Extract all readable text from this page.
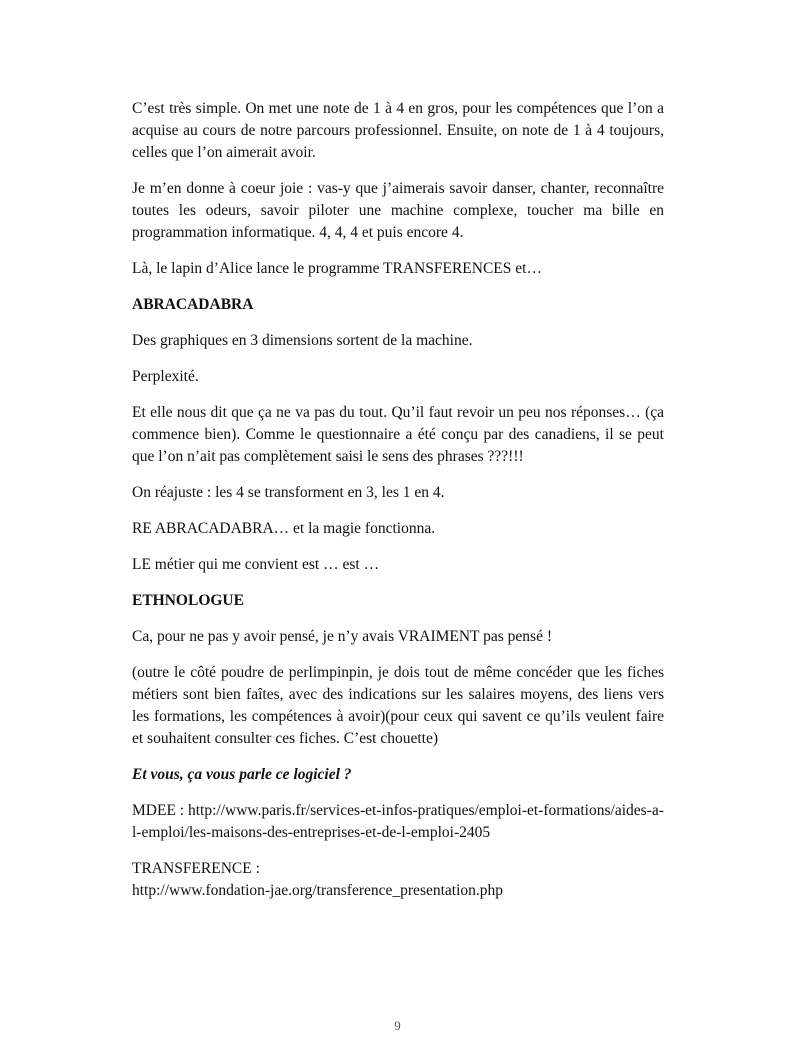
C’est très simple. On met une note de 1 à 4 en gros, pour les compétences que l’on a acquise au cours de notre parcours professionnel. Ensuite, on note de 1 à 4 toujours, celles que l’on aimerait avoir.

Je m’en donne à coeur joie : vas-y que j’aimerais savoir danser, chanter, reconnaître toutes les odeurs, savoir piloter une machine complexe, toucher ma bille en programmation informatique. 4, 4, 4 et puis encore 4.

Là, le lapin d’Alice lance le programme TRANSFERENCES et…

ABRACADABRA

Des graphiques en 3 dimensions sortent de la machine.

Perplexité.

Et elle nous dit que ça ne va pas du tout. Qu’il faut revoir un peu nos réponses… (ça commence bien). Comme le questionnaire a été conçu par des canadiens, il se peut que l’on n’ait pas complètement saisi le sens des phrases ???!!!

On réajuste : les 4 se transforment en 3, les 1 en 4.

RE ABRACADABRA… et la magie fonctionna.

LE métier qui me convient est … est …

ETHNOLOGUE

Ca, pour ne pas y avoir pensé, je n’y avais VRAIMENT pas pensé !

(outre le côté poudre de perlimpinpin, je dois tout de même concéder que les fiches métiers sont bien faîtes, avec des indications sur les salaires moyens, des liens vers les formations, les compétences à avoir)(pour ceux qui savent ce qu’ils veulent faire et souhaitent consulter ces fiches. C’est chouette)

Et vous, ça vous parle ce logiciel ?

MDEE : http://www.paris.fr/services-et-infos-pratiques/emploi-et-formations/aides-a-l-emploi/les-maisons-des-entreprises-et-de-l-emploi-2405

TRANSFERENCE :
http://www.fondation-jae.org/transference_presentation.php

9
